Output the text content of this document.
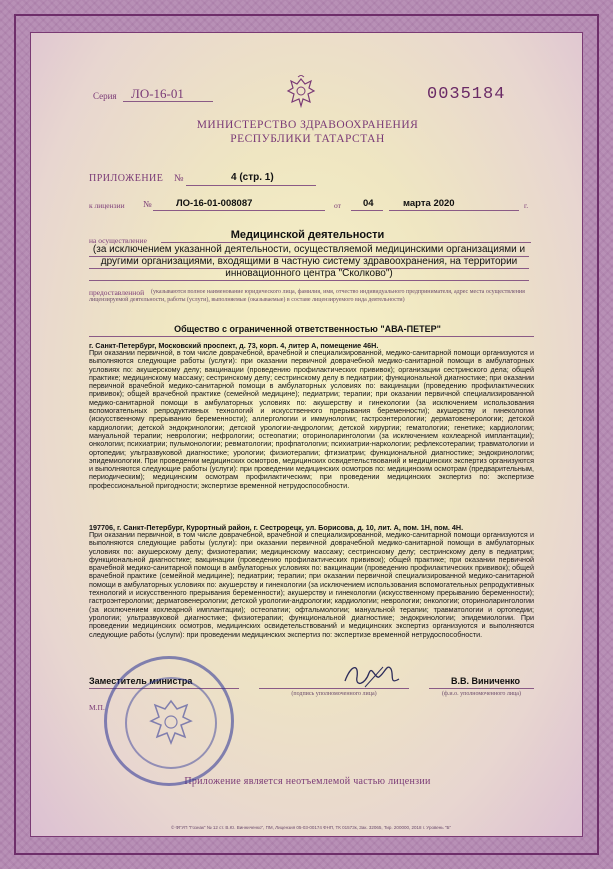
Серия ЛО-16-01	0035184
МИНИСТЕРСТВО ЗДРАВООХРАНЕНИЯ
РЕСПУБЛИКИ ТАТАРСТАН
ПРИЛОЖЕНИЕ №	4 (стр. 1)
к лицензии №	ЛО-16-01-008087	от 04	марта 2020	г.
на осуществление	Медицинской деятельности
(за исключением указанной деятельности, осуществляемой медицинскими организациями и другими организациями, входящими в частную систему здравоохранения, на территории инновационного центра "Сколково")
предоставленной	(указываются полное наименование юридического лица, фамилия, имя, отчество индивидуального предпринимателя, адрес места осуществления лицензируемой деятельности, работы (услуги), выполняемые (оказываемые) в составе лицензируемого вида деятельности)
Общество с ограниченной ответственностью "АВА-ПЕТЕР"
г. Санкт-Петербург, Московский проспект, д. 73, корп. 4, литер А, помещение 46Н.
При оказании первичной, в том числе доврачебной, врачебной и специализированной, медико-санитарной помощи организуются и выполняются следующие работы (услуги): при оказании первичной доврачебной медико-санитарной помощи в амбулаторных условиях по: акушерскому делу; вакцинации (проведению профилактических прививок); организации сестринского дела; общей практике; медицинскому массажу; сестринскому делу; сестринскому делу в педиатрии; функциональной диагностике; при оказании первичной врачебной медико-санитарной помощи в амбулаторных условиях по: вакцинации (проведению профилактических прививок); общей врачебной практике (семейной медицине); педиатрии; терапии; при оказании первичной специализированной медико-санитарной помощи в амбулаторных условиях по: акушерству и гинекологии (за исключением использования вспомогательных репродуктивных технологий и искусственного прерывания беременности); акушерству и гинекологии (искусственному прерыванию беременности); аллергологии и иммунологии; гастроэнтерологии; дерматовенерологии; детской кардиологии; детской эндокринологии; детской урологии-андрологии; детской хирургии; гематологии; генетике; кардиологии; мануальной терапии; неврологии; нефрологии; остеопатии; оториноларингологии (за исключением кохлеарной имплантации); онкологии; психиатрии; пульмонологии; ревматологии; профпатологии; психиатрии-наркологии; рефлексотерапии; травматологии и ортопедии; ультразвуковой диагностике; урологии; физиотерапии; фтизиатрии; функциональной диагностике; эндокринологии; эпидемиологии. При проведении медицинских осмотров, медицинских освидетельствований и медицинских экспертиз организуются и выполняются следующие работы (услуги): при проведении медицинских осмотров по: медицинским осмотрам (предварительным, периодическим); медицинским осмотрам профилактическим; при проведении медицинских экспертиз по: экспертизе профессиональной пригодности; экспертизе временной нетрудоспособности.
197706, г. Санкт-Петербург, Курортный район, г. Сестрорецк, ул. Борисова, д. 10, лит. А, пом. 1Н, пом. 4Н.
При оказании первичной, в том числе доврачебной, врачебной и специализированной, медико-санитарной помощи организуются и выполняются следующие работы (услуги): при оказании первичной доврачебной медико-санитарной помощи в амбулаторных условиях по: акушерскому делу; физиотерапии; медицинскому массажу; сестринскому делу; сестринскому делу в педиатрии; функциональной диагностике; вакцинации (проведению профилактических прививок); общей практике; при оказании первичной врачебной медико-санитарной помощи в амбулаторных условиях по: вакцинации (проведению профилактических прививок); общей врачебной практике (семейной медицине); педиатрии; терапии; при оказании первичной специализированной медико-санитарной помощи в амбулаторных условиях по: акушерству и гинекологии (за исключением использования вспомогательных репродуктивных технологий и искусственного прерывания беременности); акушерству и гинекологии (искусственному прерыванию беременности); гастроэнтерологии; дерматовенерологии; детской урологии-андрологии; кардиологии; неврологии; онкологии; оториноларингологии (за исключением кохлеарной имплантации); остеопатии; офтальмологии; мануальной терапии; травматологии и ортопедии; урологии; ультразвуковой диагностике; физиотерапии; функциональной диагностике; эндокринологии; эпидемиологии. При проведении медицинских осмотров, медицинских освидетельствований и медицинских экспертиз организуются и выполняются следующие работы (услуги): при проведении медицинских экспертиз по: экспертизе временной нетрудоспособности.
Заместитель министра
(подпись уполномоченного лица)
В.В. Виниченко
(ф.и.о. уполномоченного лица)
М.П.
Приложение является неотъемлемой частью лицензии
© ФГУП "Гознак" № 12 ст. В.Ю. Винниченко", ПМ, Лицензия 05-03-00174 ФНП, ТК 01573к, Зак. 32065, Тир. 200000, 2018 г. Уровень "Б"
